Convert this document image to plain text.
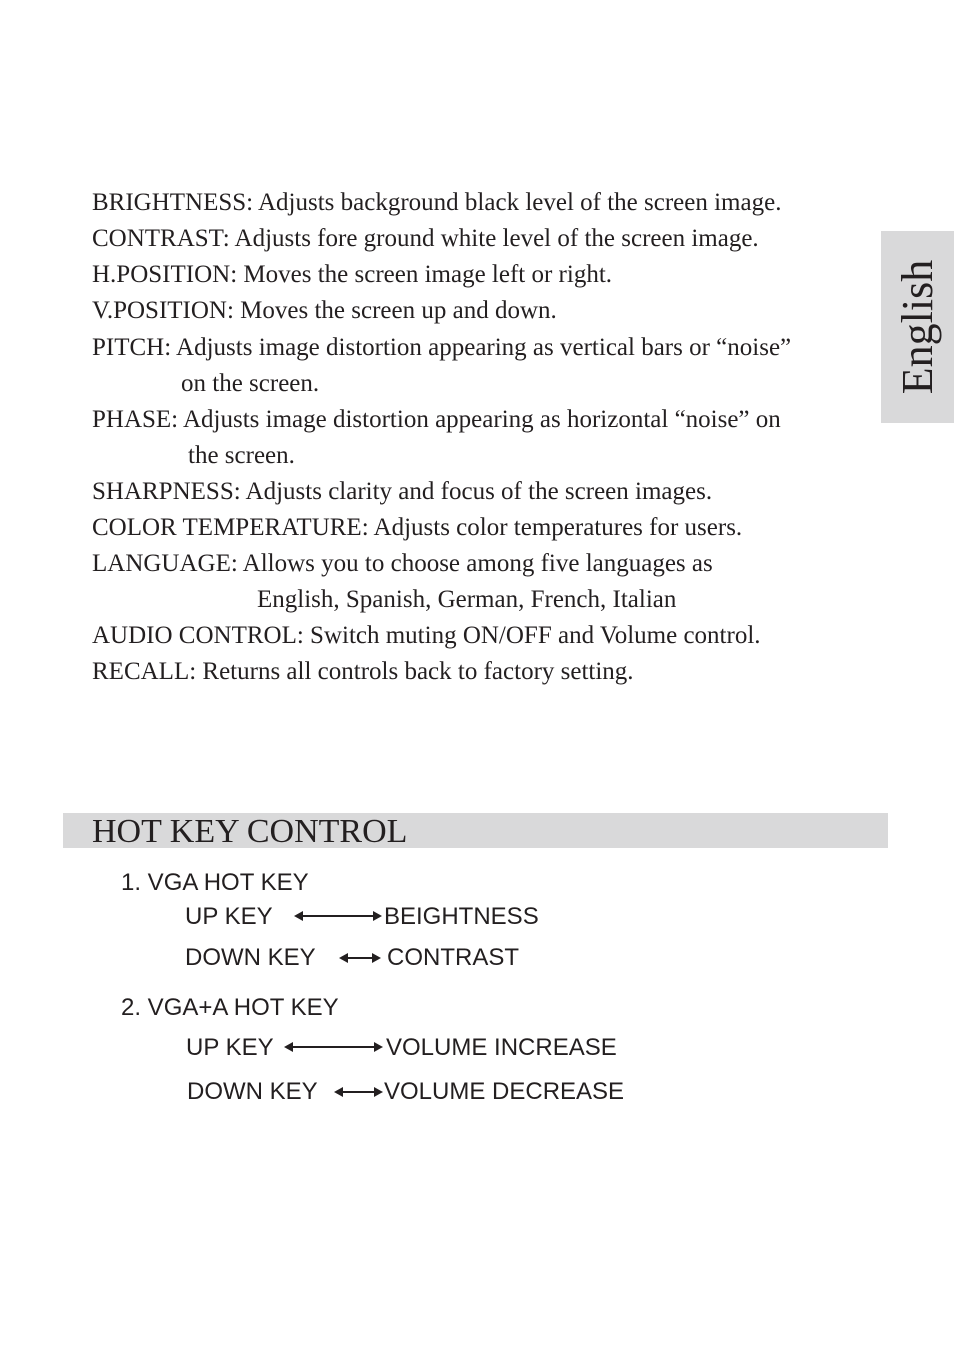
English
BRIGHTNESS: Adjusts background black level of the screen image.
CONTRAST: Adjusts fore ground white level of the screen image.
H.POSITION: Moves the screen image left or right.
V.POSITION: Moves the screen up and down.
PITCH: Adjusts image distortion appearing as vertical bars or “noise”
on the screen.
PHASE: Adjusts image distortion appearing as horizontal “noise” on
the screen.
SHARPNESS: Adjusts clarity and focus of the screen images.
COLOR TEMPERATURE: Adjusts color temperatures for users.
LANGUAGE: Allows you to choose among five languages as
English, Spanish, German, French, Italian
AUDIO CONTROL: Switch muting ON/OFF and Volume control.
RECALL: Returns all controls back to factory setting.
HOT KEY CONTROL
1. VGA HOT KEY
UP KEY	BEIGHTNESS
DOWN KEY	CONTRAST
2. VGA+A HOT KEY
UP KEY	VOLUME INCREASE
DOWN KEY	VOLUME DECREASE
